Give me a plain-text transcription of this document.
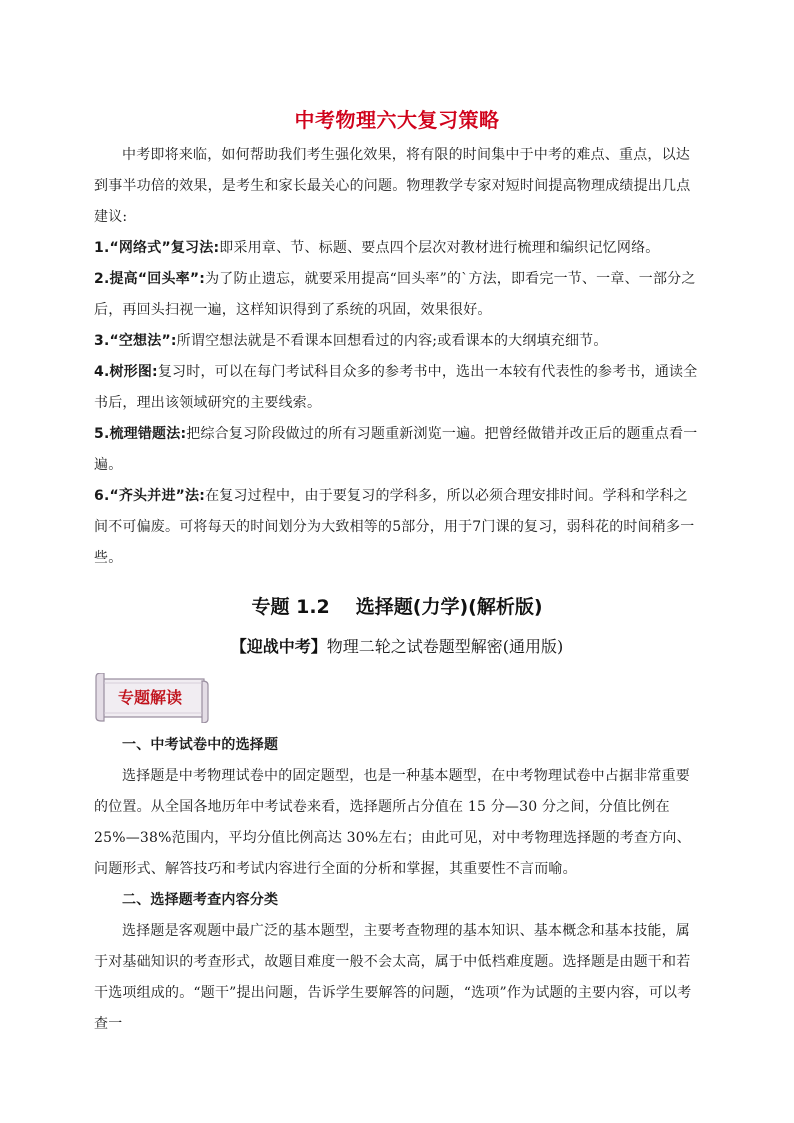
中考物理六大复习策略

中考即将来临，如何帮助我们考生强化效果，将有限的时间集中于中考的难点、重点，以达到事半功倍的效果，是考生和家长最关心的问题。物理教学专家对短时间提高物理成绩提出几点建议:

1.“网络式”复习法:即采用章、节、标题、要点四个层次对教材进行梳理和编织记忆网络。

2.提高“回头率”:为了防止遗忘，就要采用提高“回头率”的`方法，即看完一节、一章、一部分之后，再回头扫视一遍，这样知识得到了系统的巩固，效果很好。

3.“空想法”:所谓空想法就是不看课本回想看过的内容;或看课本的大纲填充细节。

4.树形图:复习时，可以在每门考试科目众多的参考书中，选出一本较有代表性的参考书，通读全书后，理出该领域研究的主要线索。

5.梳理错题法:把综合复习阶段做过的所有习题重新浏览一遍。把曾经做错并改正后的题重点看一遍。

6.“齐头并进”法:在复习过程中，由于要复习的学科多，所以必须合理安排时间。学科和学科之间不可偏废。可将每天的时间划分为大致相等的5部分，用于7门课的复习，弱科花的时间稍多一些。

专题 1.2 选择题(力学)(解析版)
【迎战中考】物理二轮之试卷题型解密(通用版)
专题解读

一、中考试卷中的选择题

选择题是中考物理试卷中的固定题型，也是一种基本题型，在中考物理试卷中占据非常重要的位置。从全国各地历年中考试卷来看，选择题所占分值在 15 分—30 分之间，分值比例在 25%—38%范围内，平均分值比例高达 30%左右；由此可见，对中考物理选择题的考查方向、问题形式、解答技巧和考试内容进行全面的分析和掌握，其重要性不言而喻。

二、选择题考查内容分类

选择题是客观题中最广泛的基本题型，主要考查物理的基本知识、基本概念和基本技能，属于对基础知识的考查形式，故题目难度一般不会太高，属于中低档难度题。选择题是由题干和若干选项组成的。“题干”提出问题，告诉学生要解答的问题，“选项”作为试题的主要内容，可以考查一
